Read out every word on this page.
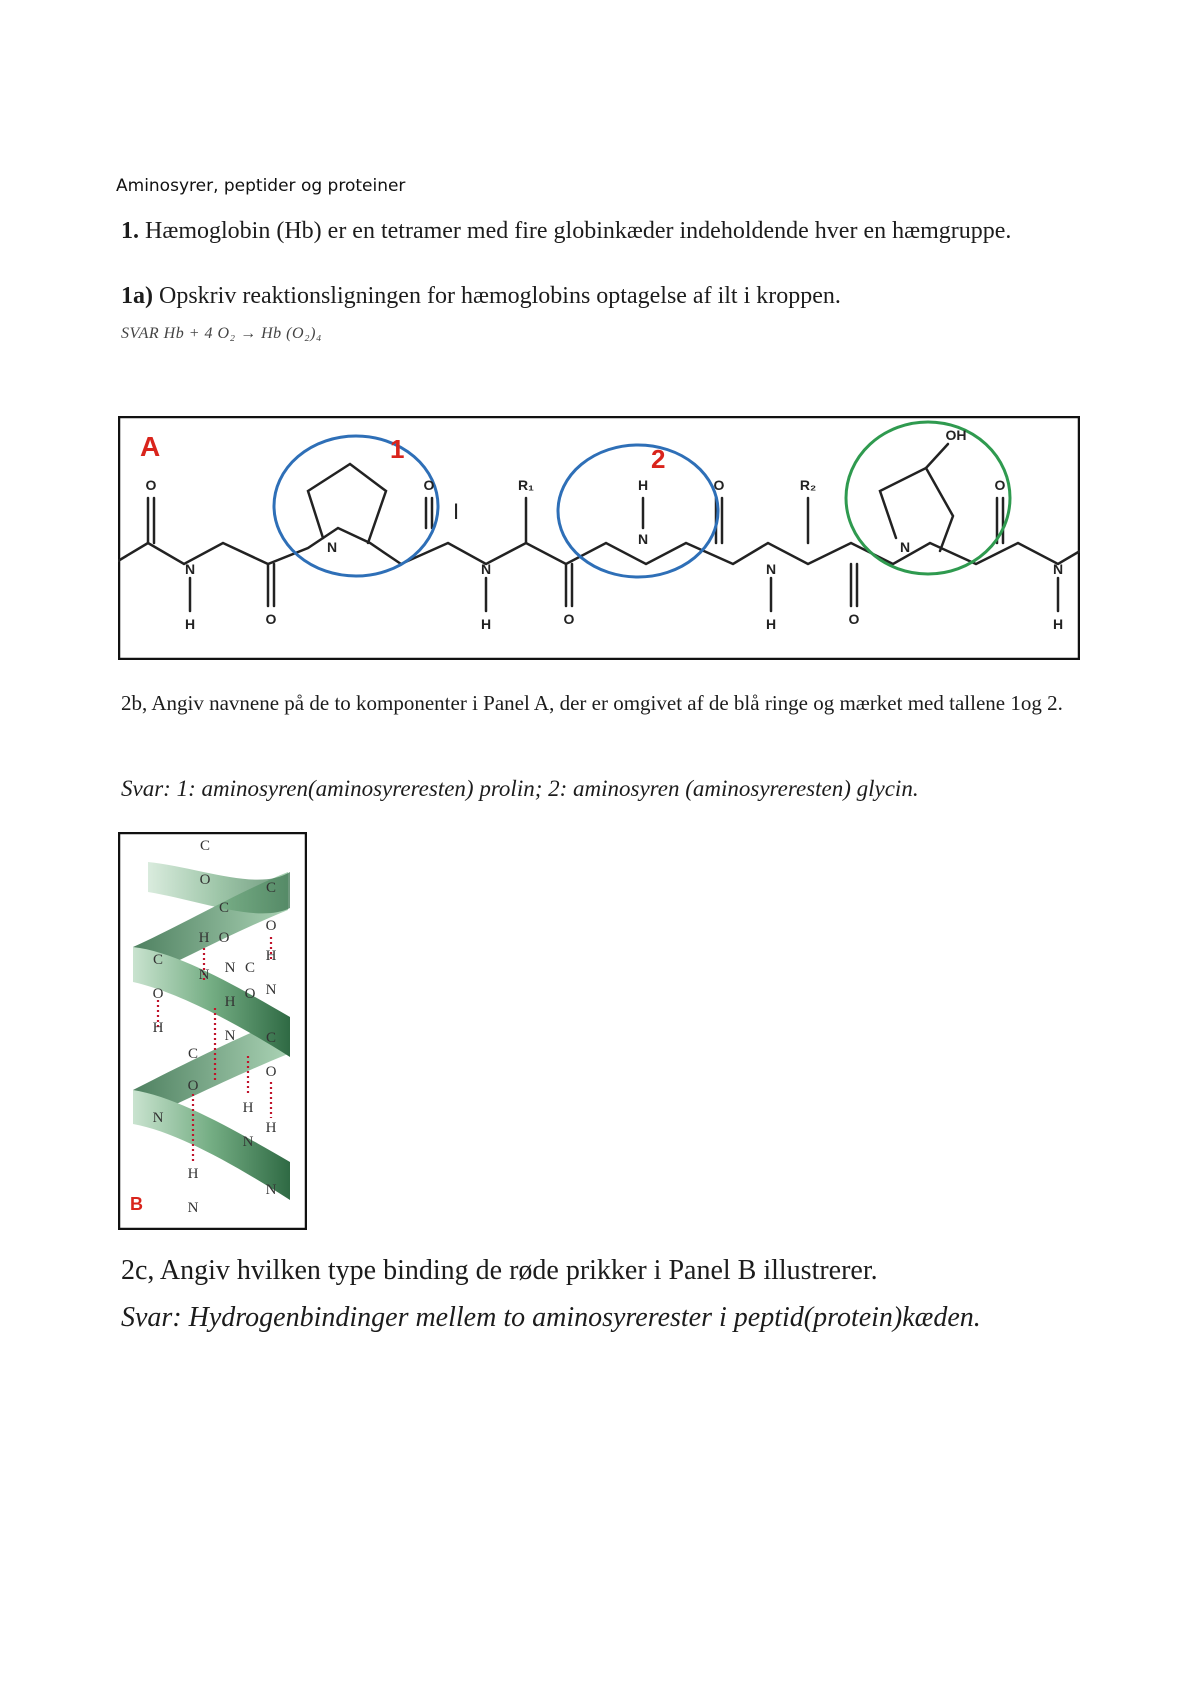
Aminosyrer, peptider og proteiner
1. Hæmoglobin (Hb) er en tetramer med fire globinkæder indeholdende hver en hæmgruppe.
1a) Opskriv reaktionsligningen for hæmoglobins optagelse af ilt i kroppen.
SVAR Hb + 4 O₂ → Hb (O₂)₄
A	1	2
O
N
H	O
N
O
I
N
H
R₁
O
H
N
O
N
H
R₂
O
N
OH
O
N
H
2b, Angiv navnene på de to komponenter i Panel A, der er omgivet af de blå ringe og mærket med tallene 1og 2.
Svar: 1: aminosyren(aminosyreresten) prolin; 2: aminosyren (aminosyreresten) glycin.
C
O
C
O
H
N
C
O
H
N
C
O
H
C
O
N
H
N C
O
C
O
N
H
N
H
H
N
N
B
2c, Angiv hvilken type binding de røde prikker i Panel B illustrerer.
Svar: Hydrogenbindinger mellem to aminosyrerester i peptid(protein)kæden.
